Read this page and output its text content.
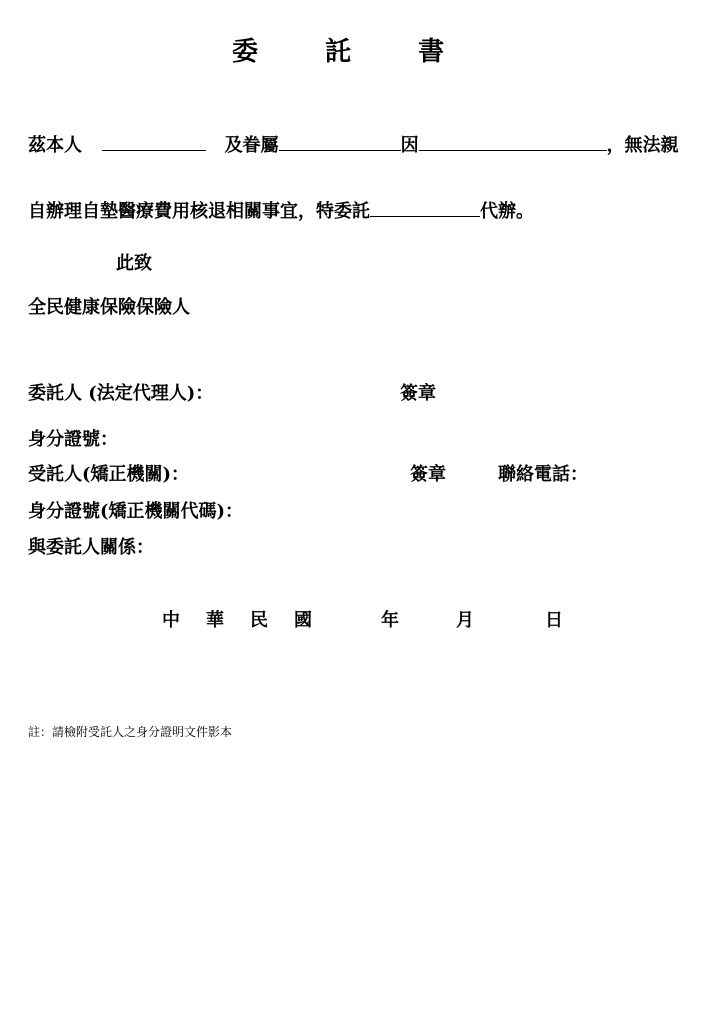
委	託	書
茲本人	及眷屬	因	，無法親
自辦理自墊醫療費用核退相關事宜，特委託	代辦。
此致
全民健康保險保險人
委託人 (法定代理人)：	簽章
身分證號：
受託人(矯正機關)：	簽章	聯絡電話：
身分證號(矯正機關代碼)：
與委託人關係：
中 華 民 國	年	月	日
註：請檢附受託人之身分證明文件影本
